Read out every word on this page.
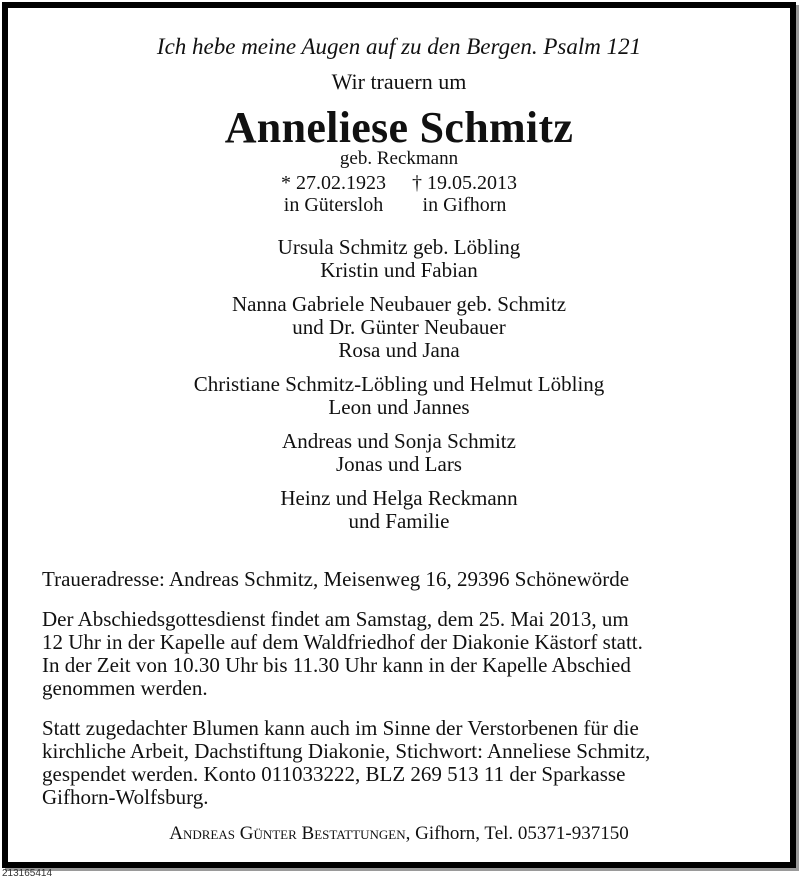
Ich hebe meine Augen auf zu den Bergen. Psalm 121
Wir trauern um
Anneliese Schmitz
geb. Reckmann
* 27.02.1923
in Gütersloh
† 19.05.2013
in Gifhorn
Ursula Schmitz geb. Löbling
Kristin und Fabian
Nanna Gabriele Neubauer geb. Schmitz
und Dr. Günter Neubauer
Rosa und Jana
Christiane Schmitz-Löbling und Helmut Löbling
Leon und Jannes
Andreas und Sonja Schmitz
Jonas und Lars
Heinz und Helga Reckmann
und Familie
Traueradresse: Andreas Schmitz, Meisenweg 16, 29396 Schönewörde
Der Abschiedsgottesdienst findet am Samstag, dem 25. Mai 2013, um
12 Uhr in der Kapelle auf dem Waldfriedhof der Diakonie Kästorf statt.
In der Zeit von 10.30 Uhr bis 11.30 Uhr kann in der Kapelle Abschied
genommen werden.
Statt zugedachter Blumen kann auch im Sinne der Verstorbenen für die
kirchliche Arbeit, Dachstiftung Diakonie, Stichwort: Anneliese Schmitz,
gespendet werden. Konto 011033222, BLZ 269 513 11 der Sparkasse
Gifhorn-Wolfsburg.
Andreas Günter Bestattungen, Gifhorn, Tel. 05371-937150
213165414
